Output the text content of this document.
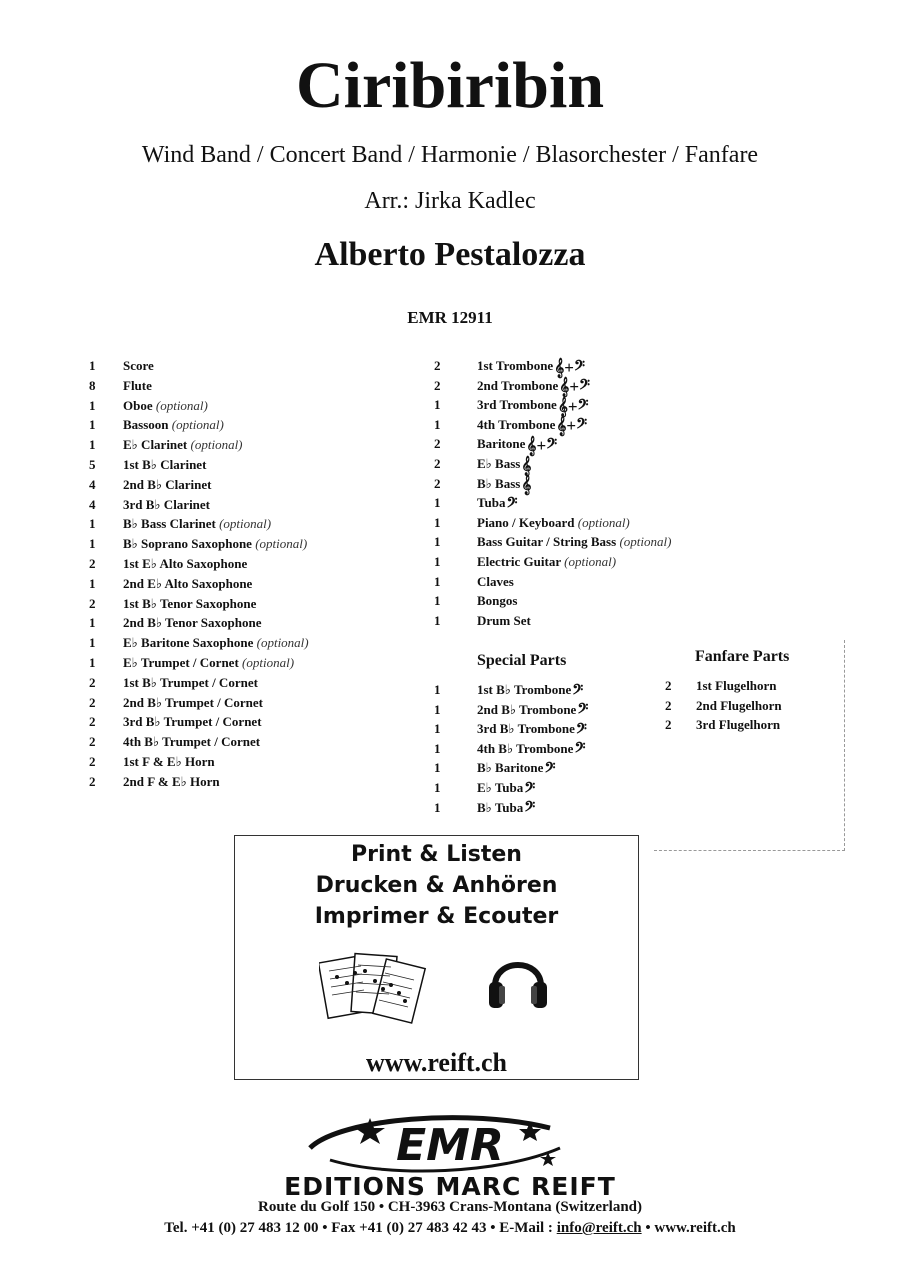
Ciribiribin
Wind Band / Concert Band / Harmonie / Blasorchester / Fanfare
Arr.: Jirka Kadlec
Alberto Pestalozza
EMR 12911
1	Score
8	Flute
1	Oboe (optional)
1	Bassoon (optional)
1	E♭ Clarinet (optional)
5	1st B♭ Clarinet
4	2nd B♭ Clarinet
4	3rd B♭ Clarinet
1	B♭ Bass Clarinet (optional)
1	B♭ Soprano Saxophone (optional)
2	1st E♭ Alto Saxophone
1	2nd E♭ Alto Saxophone
2	1st B♭ Tenor Saxophone
1	2nd B♭ Tenor Saxophone
1	E♭ Baritone Saxophone (optional)
1	E♭ Trumpet / Cornet (optional)
2	1st B♭ Trumpet / Cornet
2	2nd B♭ Trumpet / Cornet
2	3rd B♭ Trumpet / Cornet
2	4th B♭ Trumpet / Cornet
2	1st F & E♭ Horn
2	2nd F & E♭ Horn
2	1st Trombone𝄞+𝄢
2	2nd Trombone𝄞+𝄢
1	3rd Trombone𝄞+𝄢
1	4th Trombone𝄞+𝄢
2	Baritone𝄞+𝄢
2	E♭ Bass𝄞
2	B♭ Bass𝄞
1	Tuba𝄢
1	Piano / Keyboard (optional)
1	Bass Guitar / String Bass (optional)
1	Electric Guitar (optional)
1	Claves
1	Bongos
1	Drum Set
Special Parts
1	1st B♭ Trombone𝄢
1	2nd B♭ Trombone𝄢
1	3rd B♭ Trombone𝄢
1	4th B♭ Trombone𝄢
1	B♭ Baritone𝄢
1	E♭ Tuba𝄢
1	B♭ Tuba𝄢
Fanfare Parts
2	1st Flugelhorn
2	2nd Flugelhorn
2	3rd Flugelhorn
Print & Listen
Drucken & Anhören
Imprimer & Ecouter
www.reift.ch
EMR
EDITIONS MARC REIFT
Route du Golf 150 • CH-3963 Crans-Montana (Switzerland)
Tel. +41 (0) 27 483 12 00 • Fax +41 (0) 27 483 42 43 • E-Mail : info@reift.ch • www.reift.ch
